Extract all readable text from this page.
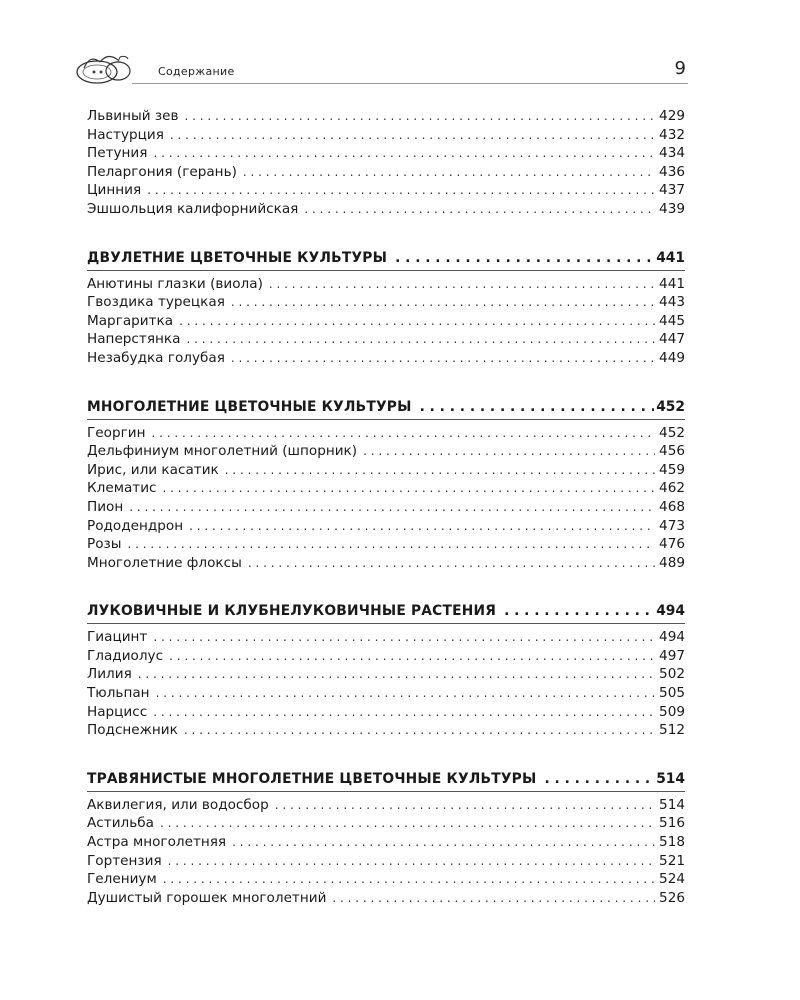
Содержание	9
Львиный зев . . .	429
Настурция . . .	432
Петуния . . .	434
Пеларгония (герань) . . .	436
Цинния . . .	437
Эшшольция калифорнийская . . .	439
ДВУЛЕТНИЕ ЦВЕТОЧНЫЕ КУЛЬТУРЫ . . .	441
Анютины глазки (виола) . . .	441
Гвоздика турецкая . . .	443
Маргаритка . . .	445
Наперстянка . . .	447
Незабудка голубая . . .	449
МНОГОЛЕТНИЕ ЦВЕТОЧНЫЕ КУЛЬТУРЫ . . .	452
Георгин . . .	452
Дельфиниум многолетний (шпорник) . . .	456
Ирис, или касатик . . .	459
Клематис . . .	462
Пион . . .	468
Рододендрон . . .	473
Розы . . .	476
Многолетние флоксы . . .	489
ЛУКОВИЧНЫЕ И КЛУБНЕЛУКОВИЧНЫЕ РАСТЕНИЯ . . .	494
Гиацинт . . .	494
Гладиолус . . .	497
Лилия . . .	502
Тюльпан . . .	505
Нарцисс . . .	509
Подснежник . . .	512
ТРАВЯНИСТЫЕ МНОГОЛЕТНИЕ ЦВЕТОЧНЫЕ КУЛЬТУРЫ . . .	514
Аквилегия, или водосбор . . .	514
Астильба . . .	516
Астра многолетняя . . .	518
Гортензия . . .	521
Гелениум . . .	524
Душистый горошек многолетний . . .	526
